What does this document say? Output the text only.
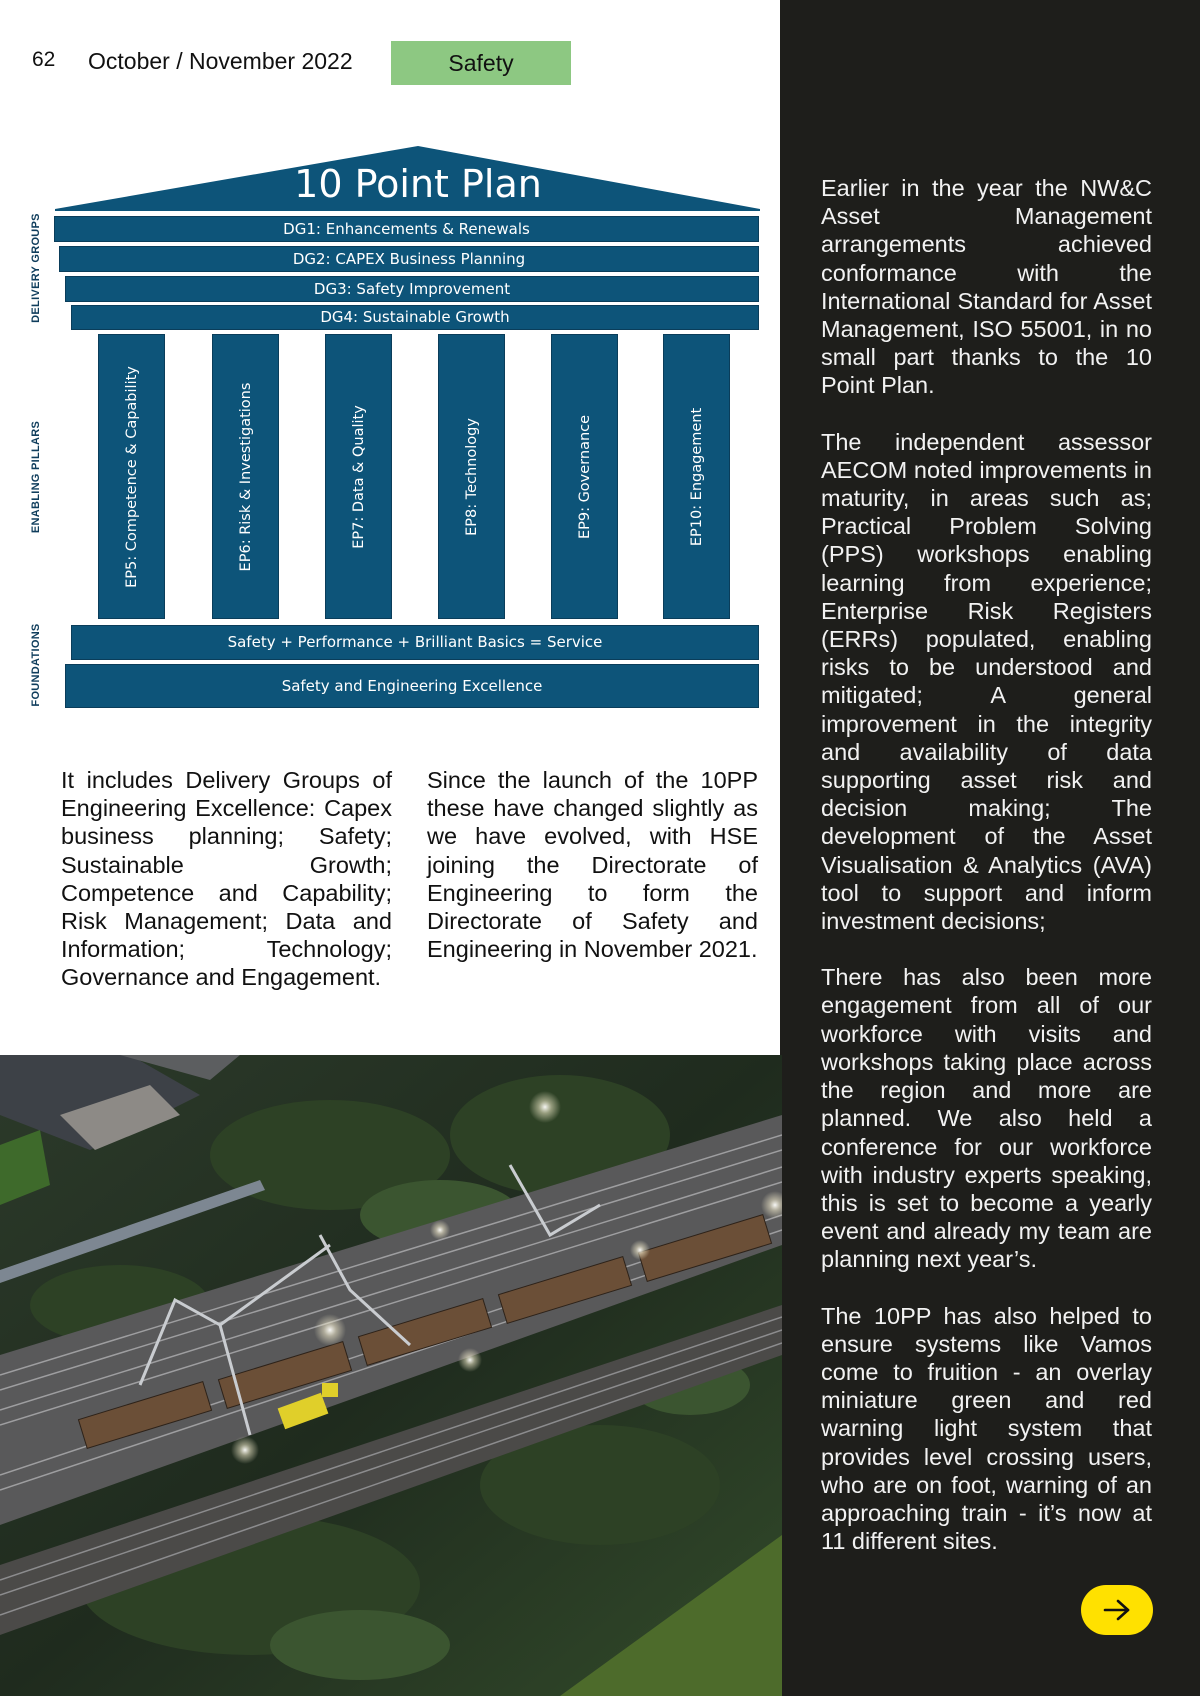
62 October / November 2022	Safety
10 Point Plan
DELIVERY GROUPS
ENABLING PILLARS
FOUNDATIONS
DG1: Enhancements & Renewals
DG2: CAPEX Business Planning
DG3: Safety Improvement
DG4: Sustainable Growth
EP5: Competence & Capability	EP6: Risk & Investigations	EP7: Data & Quality	EP8: Technology	EP9: Governance	EP10: Engagement
Safety + Performance + Brilliant Basics = Service
Safety and Engineering Excellence

It includes Delivery Groups of Engineering Excellence: Capex business planning; Safety; Sustainable Growth; Competence and Capability; Risk Management; Data and Information; Technology; Governance and Engagement.

Since the launch of the 10PP these have changed slightly as we have evolved, with HSE joining the Directorate of Engineering to form the Directorate of Safety and Engineering in November 2021.

Earlier in the year the NW&C Asset Management arrangements achieved conformance with the International Standard for Asset Management, ISO 55001, in no small part thanks to the 10 Point Plan.

The independent assessor AECOM noted improvements in maturity, in areas such as; Practical Problem Solving (PPS) workshops enabling learning from experience; Enterprise Risk Registers (ERRs) populated, enabling risks to be understood and mitigated; A general improvement in the integrity and availability of data supporting asset risk and decision making; The development of the Asset Visualisation & Analytics (AVA) tool to support and inform investment decisions;

There has also been more engagement from all of our workforce with visits and workshops taking place across the region and more are planned. We also held a conference for our workforce with industry experts speaking, this is set to become a yearly event and already my team are planning next year’s.

The 10PP has also helped to ensure systems like Vamos come to fruition - an overlay miniature green and red warning light system that provides level crossing users, who are on foot, warning of an approaching train - it’s now at 11 different sites.
